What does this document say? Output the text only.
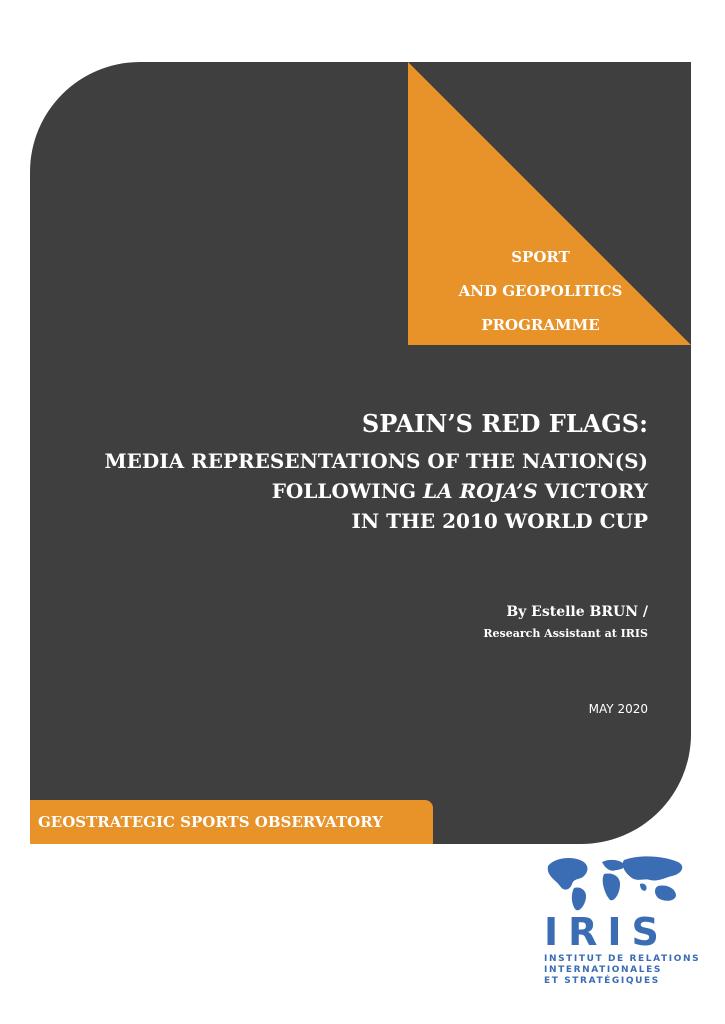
SPORT
AND GEOPOLITICS
PROGRAMME
SPAIN’S RED FLAGS:
MEDIA REPRESENTATIONS OF THE NATION(S)
FOLLOWING LA ROJA’S VICTORY
IN THE 2010 WORLD CUP
By Estelle BRUN /
Research Assistant at IRIS
MAY 2020
GEOSTRATEGIC SPORTS OBSERVATORY
IRIS
INSTITUT DE RELATIONS
INTERNATIONALES
ET STRATÉGIQUES
